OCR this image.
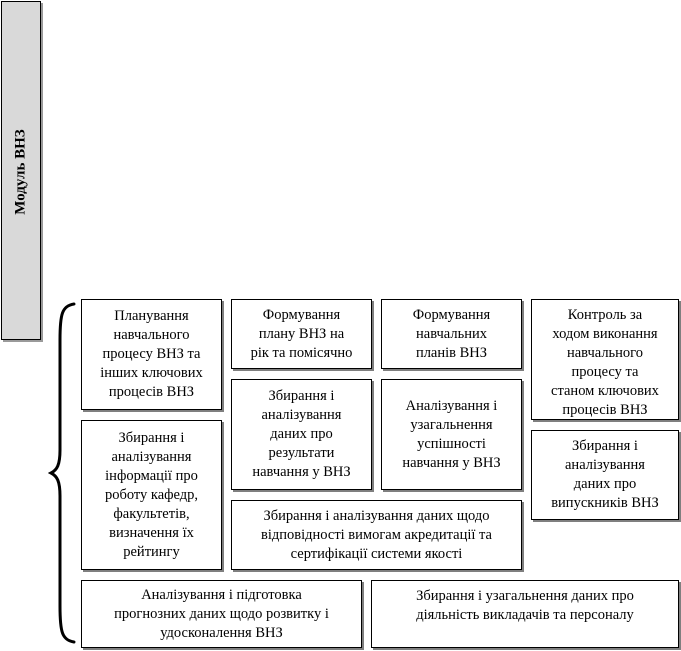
Модуль ВНЗ
Планування
навчального
процесу ВНЗ та
інших ключових
процесів ВНЗ
Формування
плану ВНЗ на
рік та помісячно
Формування
навчальних
планів ВНЗ
Контроль за
ходом виконання
навчального
процесу та
станом ключових
процесів ВНЗ
Збирання і
аналізування
даних про
результати
навчання у ВНЗ
Аналізування і
узагальнення
успішності
навчання у ВНЗ
Збирання і
аналізування
даних про
випускників ВНЗ
Збирання і
аналізування
інформації про
роботу кафедр,
факультетів,
визначення їх
рейтингу
Збирання і аналізування даних щодо
відповідності вимогам акредитації та
сертифікації системи якості
Аналізування і підготовка
прогнозних даних щодо розвитку і
удосконалення ВНЗ
Збирання і узагальнення даних про
діяльність викладачів та персоналу
